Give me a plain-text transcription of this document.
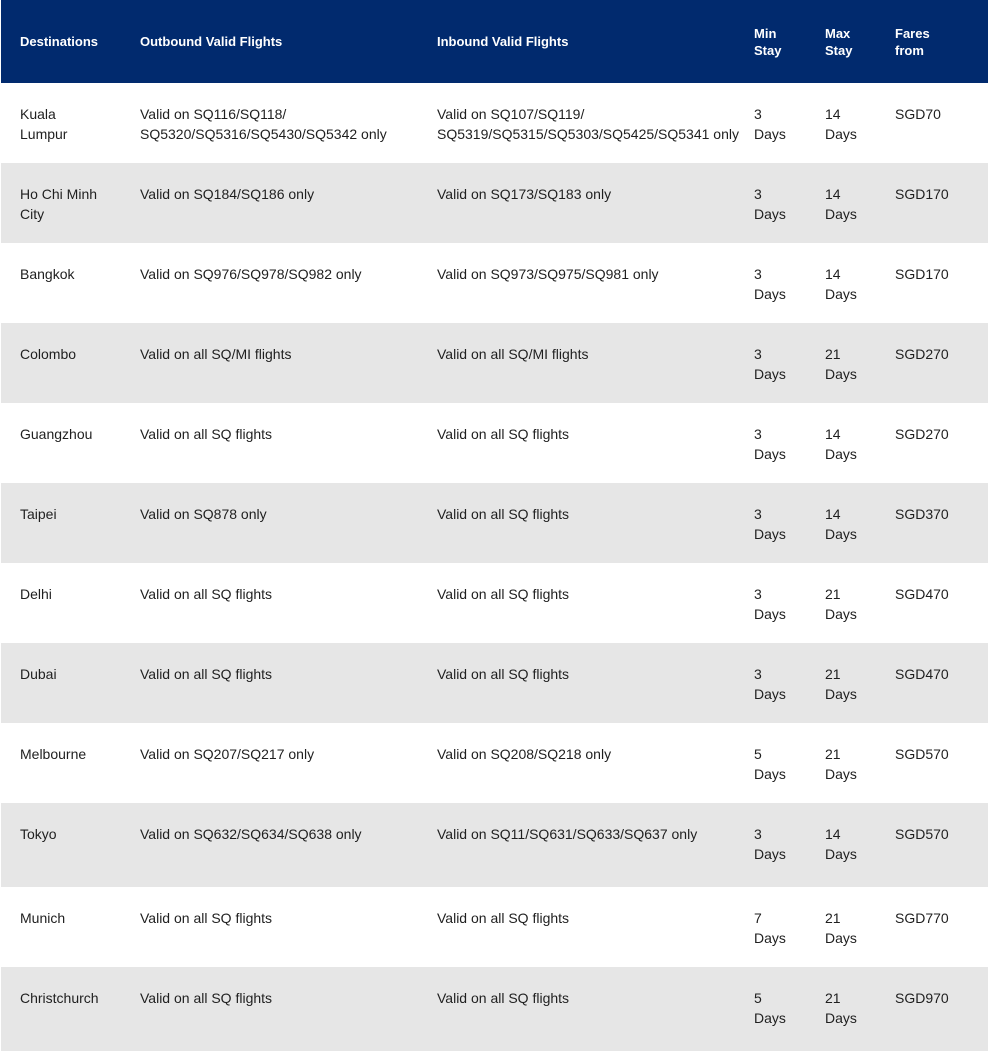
Destinations	Outbound Valid Flights	Inbound Valid Flights	Min
Stay	Max
Stay	Fares
from

Kuala
Lumpur	Valid on SQ116/SQ118/
SQ5320/SQ5316/SQ5430/SQ5342 only	Valid on SQ107/SQ119/
SQ5319/SQ5315/SQ5303/SQ5425/SQ5341 only	3
Days	14
Days	SGD70

Ho Chi Minh
City	Valid on SQ184/SQ186 only	Valid on SQ173/SQ183 only	3
Days	14
Days	SGD170

Bangkok	Valid on SQ976/SQ978/SQ982 only	Valid on SQ973/SQ975/SQ981 only	3
Days	14
Days	SGD170

Colombo	Valid on all SQ/MI flights	Valid on all SQ/MI flights	3
Days	21
Days	SGD270

Guangzhou	Valid on all SQ flights	Valid on all SQ flights	3
Days	14
Days	SGD270

Taipei	Valid on SQ878 only	Valid on all SQ flights	3
Days	14
Days	SGD370

Delhi	Valid on all SQ flights	Valid on all SQ flights	3
Days	21
Days	SGD470

Dubai	Valid on all SQ flights	Valid on all SQ flights	3
Days	21
Days	SGD470

Melbourne	Valid on SQ207/SQ217 only	Valid on SQ208/SQ218 only	5
Days	21
Days	SGD570

Tokyo	Valid on SQ632/SQ634/SQ638 only	Valid on SQ11/SQ631/SQ633/SQ637 only	3
Days	14
Days	SGD570

Munich	Valid on all SQ flights	Valid on all SQ flights	7
Days	21
Days	SGD770

Christchurch	Valid on all SQ flights	Valid on all SQ flights	5
Days	21
Days	SGD970
